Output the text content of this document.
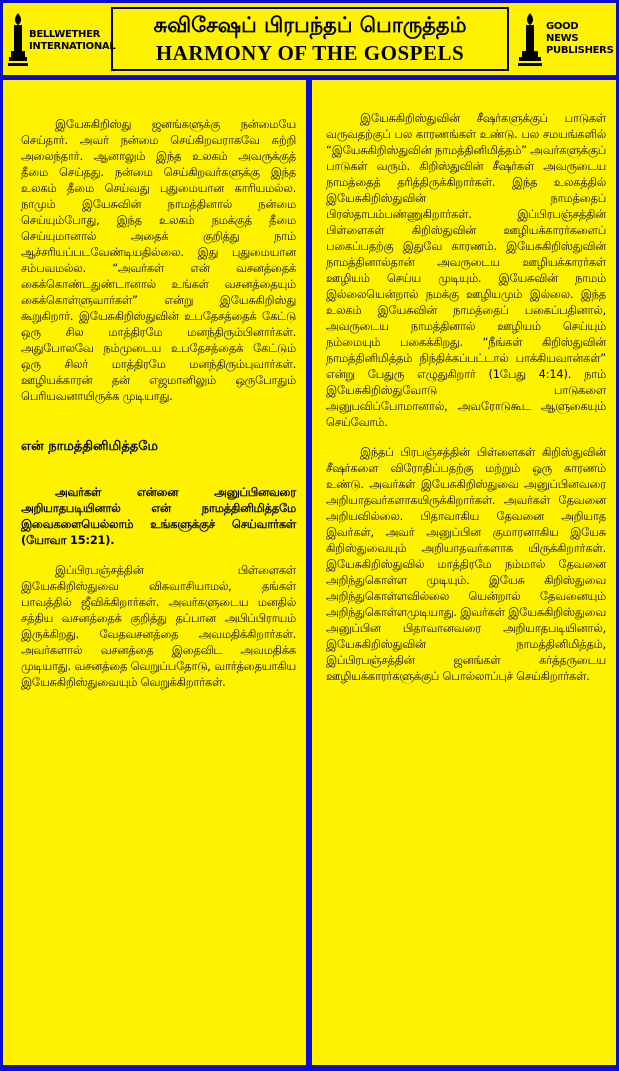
BELLWETHER
INTERNATIONAL
சுவிசேஷப் பிரபந்தப் பொருத்தம்
HARMONY OF THE GOSPELS
GOOD NEWS
PUBLISHERS

இயேசுகிறிஸ்து ஜனங்களுக்கு நன்மையே செய்தார். அவர் நன்மை செய்கிறவராகவே சுற்றி அலைந்தார். ஆனாலும் இந்த உலகம் அவருக்குத் தீமை செய்தது. நன்மை செய்கிறவர்களுக்கு இந்த உலகம் தீமை செய்வது புதுமையான காரியமல்ல. நாமும் இயேசுவின் நாமத்தினால் நன்மை செய்யும்போது, இந்த உலகம் நமக்குத் தீமை செய்யுமானால் அதைக் குறித்து நாம் ஆச்சரியப்படவேண்டியதில்லை. இது புதுமையான சம்பவமல்ல. “அவர்கள் என் வசனத்தைக் கைக்கொண்டதுண்டானால் உங்கள் வசனத்தையும் கைக்கொள்ளுவார்கள்” என்று இயேசுகிறிஸ்து கூறுகிறார். இயேசுகிறிஸ்துவின் உபதேசத்தைக் கேட்டு ஒரு சில மாத்திரமே மனந்திரும்பினார்கள். அதுபோலவே நம்முடைய உபதேசத்தைக் கேட்டும் ஒரு சிலர் மாத்திரமே மனந்திரும்புவார்கள். ஊழியக்காரன் தன் எஜமானிலும் ஒருபோதும் பெரியவனாயிருக்க முடியாது.

என் நாமத்தினிமித்தமே

அவர்கள் என்னை அனுப்பினவரை அறியாதபடியினால் என் நாமத்தினிமித்தமே இவைகளையெல்லாம் உங்களுக்குச் செய்வார்கள் (யோவா 15:21).

இப்பிரபஞ்சத்தின் பிள்ளைகள் இயேசுகிறிஸ்துவை விசுவாசியாமல், தங்கள் பாவத்தில் ஜீவிக்கிறார்கள். அவர்களுடைய மனதில் சத்திய வசனத்தைக் குறித்து தப்பான அபிப்பிராயம் இருக்கிறது. வேதவசனத்தை அவமதிக்கிறார்கள். அவர்களால் வசனத்தை இதைவிட அவமதிக்க முடியாது. வசனத்தை வெறுப்பதோடு, வார்த்தையாகிய இயேசுகிறிஸ்துவையும் வெறுக்கிறார்கள்.

இயேசுகிறிஸ்துவின் சீஷர்களுக்குப் பாடுகள் வருவதற்குப் பல காரணங்கள் உண்டு. பல சமயங்களில் “இயேசுகிறிஸ்துவின் நாமத்தினிமித்தம்” அவர்களுக்குப் பாடுகள் வரும். கிறிஸ்துவின் சீஷர்கள் அவருடைய நாமத்தைத் தரித்திருக்கிறார்கள். இந்த உலகத்தில் இயேசுகிறிஸ்துவின் நாமத்தைப் பிரஸ்தாபம்பண்ணுகிறார்கள். இப்பிரபஞ்சத்தின் பிள்ளைகள் கிறிஸ்துவின் ஊழியக்காரர்களைப் பகைப்பதற்கு இதுவே காரணம். இயேசுகிறிஸ்துவின் நாமத்தினால்தான் அவருடைய ஊழியக்காரர்கள் ஊழியம் செய்ய முடியும். இயேசுவின் நாமம் இல்லையென்றால் நமக்கு ஊழியமும் இல்லை. இந்த உலகம் இயேசுவின் நாமத்தைப் பகைப்பதினால், அவருடைய நாமத்தினால் ஊழியம் செய்யும் நம்மையும் பகைக்கிறது. “நீங்கள் கிறிஸ்துவின் நாமத்தினிமித்தம் நிந்திக்கப்பட்டால் பாக்கியவான்கள்” என்று பேதுரு எழுதுகிறார் (1பேது 4:14). நாம் இயேசுகிறிஸ்துவோடு பாடுகளை அனுபவிப்போமானால், அவரோடுகூட ஆளுகையும் செய்வோம்.

இந்தப் பிரபஞ்சத்தின் பிள்ளைகள் கிறிஸ்துவின் சீஷர்களை விரோதிப்பதற்கு மற்றும் ஒரு காரணம் உண்டு. அவர்கள் இயேசுகிறிஸ்துவை அனுப்பினவரை அறியாதவர்களாகயிருக்கிறார்கள். அவர்கள் தேவனை அறியவில்லை. பிதாவாகிய தேவனை அறியாத இவர்கள், அவர் அனுப்பின குமாரனாகிய இயேசு கிறிஸ்துவையும் அறியாதவர்களாக யிருக்கிறார்கள். இயேசுகிறிஸ்துவில் மாத்திரமே நம்மால் தேவனை அறிந்துகொள்ள முடியும். இயேசு கிறிஸ்துவை அறிந்துகொள்ளவில்லை யென்றால் தேவனையும் அறிந்துகொள்ளமுடியாது. இவர்கள் இயேசுகிறிஸ்துவை அனுப்பின பிதாவானவரை அறியாதபடியினால், இயேசுகிறிஸ்துவின் நாமத்தினிமித்தம், இப்பிரபஞ்சத்தின் ஜனங்கள் கர்த்தருடைய ஊழியக்காரர்களுக்குப் பொல்லாப்புச் செய்கிறார்கள்.
